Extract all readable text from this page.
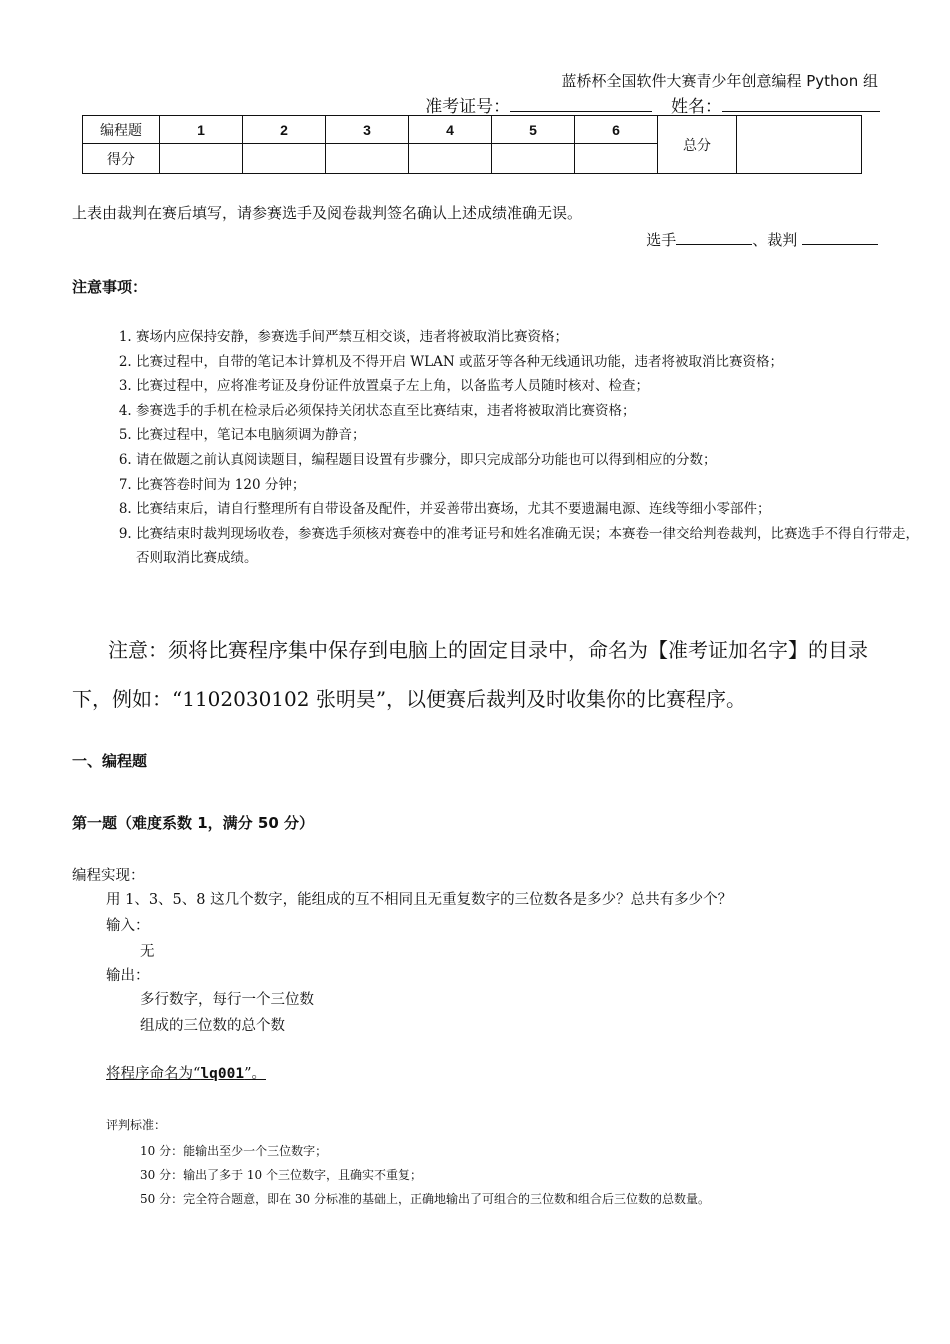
蓝桥杯全国软件大赛青少年创意编程 Python 组
准考证号：	姓名：
编程题	1	2	3	4	5	6	总分	
得分								
上表由裁判在赛后填写，请参赛选手及阅卷裁判签名确认上述成绩准确无误。
选手	、裁判
注意事项：
1. 赛场内应保持安静，参赛选手间严禁互相交谈，违者将被取消比赛资格；
2. 比赛过程中，自带的笔记本计算机及不得开启 WLAN 或蓝牙等各种无线通讯功能，违者将被取消比赛资格；
3. 比赛过程中，应将准考证及身份证件放置桌子左上角，以备监考人员随时核对、检查；
4. 参赛选手的手机在检录后必须保持关闭状态直至比赛结束，违者将被取消比赛资格；
5. 比赛过程中，笔记本电脑须调为静音；
6. 请在做题之前认真阅读题目，编程题目设置有步骤分，即只完成部分功能也可以得到相应的分数；
7. 比赛答卷时间为 120 分钟；
8. 比赛结束后，请自行整理所有自带设备及配件，并妥善带出赛场，尤其不要遗漏电源、连线等细小零部件；
9. 比赛结束时裁判现场收卷，参赛选手须核对赛卷中的准考证号和姓名准确无误；本赛卷一律交给判卷裁判，比赛选手不得自行带走，否则取消比赛成绩。
注意：须将比赛程序集中保存到电脑上的固定目录中，命名为【准考证加名字】的目录下，例如：“1102030102 张明昊”，以便赛后裁判及时收集你的比赛程序。
一、编程题
第一题（难度系数 1，满分 50 分）
编程实现：
用 1、3、5、8 这几个数字，能组成的互不相同且无重复数字的三位数各是多少？总共有多少个？
输入：
无
输出：
多行数字，每行一个三位数
组成的三位数的总个数
将程序命名为“lq001”。
评判标准：
10 分：能输出至少一个三位数字；
30 分：输出了多于 10 个三位数字，且确实不重复；
50 分：完全符合题意，即在 30 分标准的基础上，正确地输出了可组合的三位数和组合后三位数的总数量。
